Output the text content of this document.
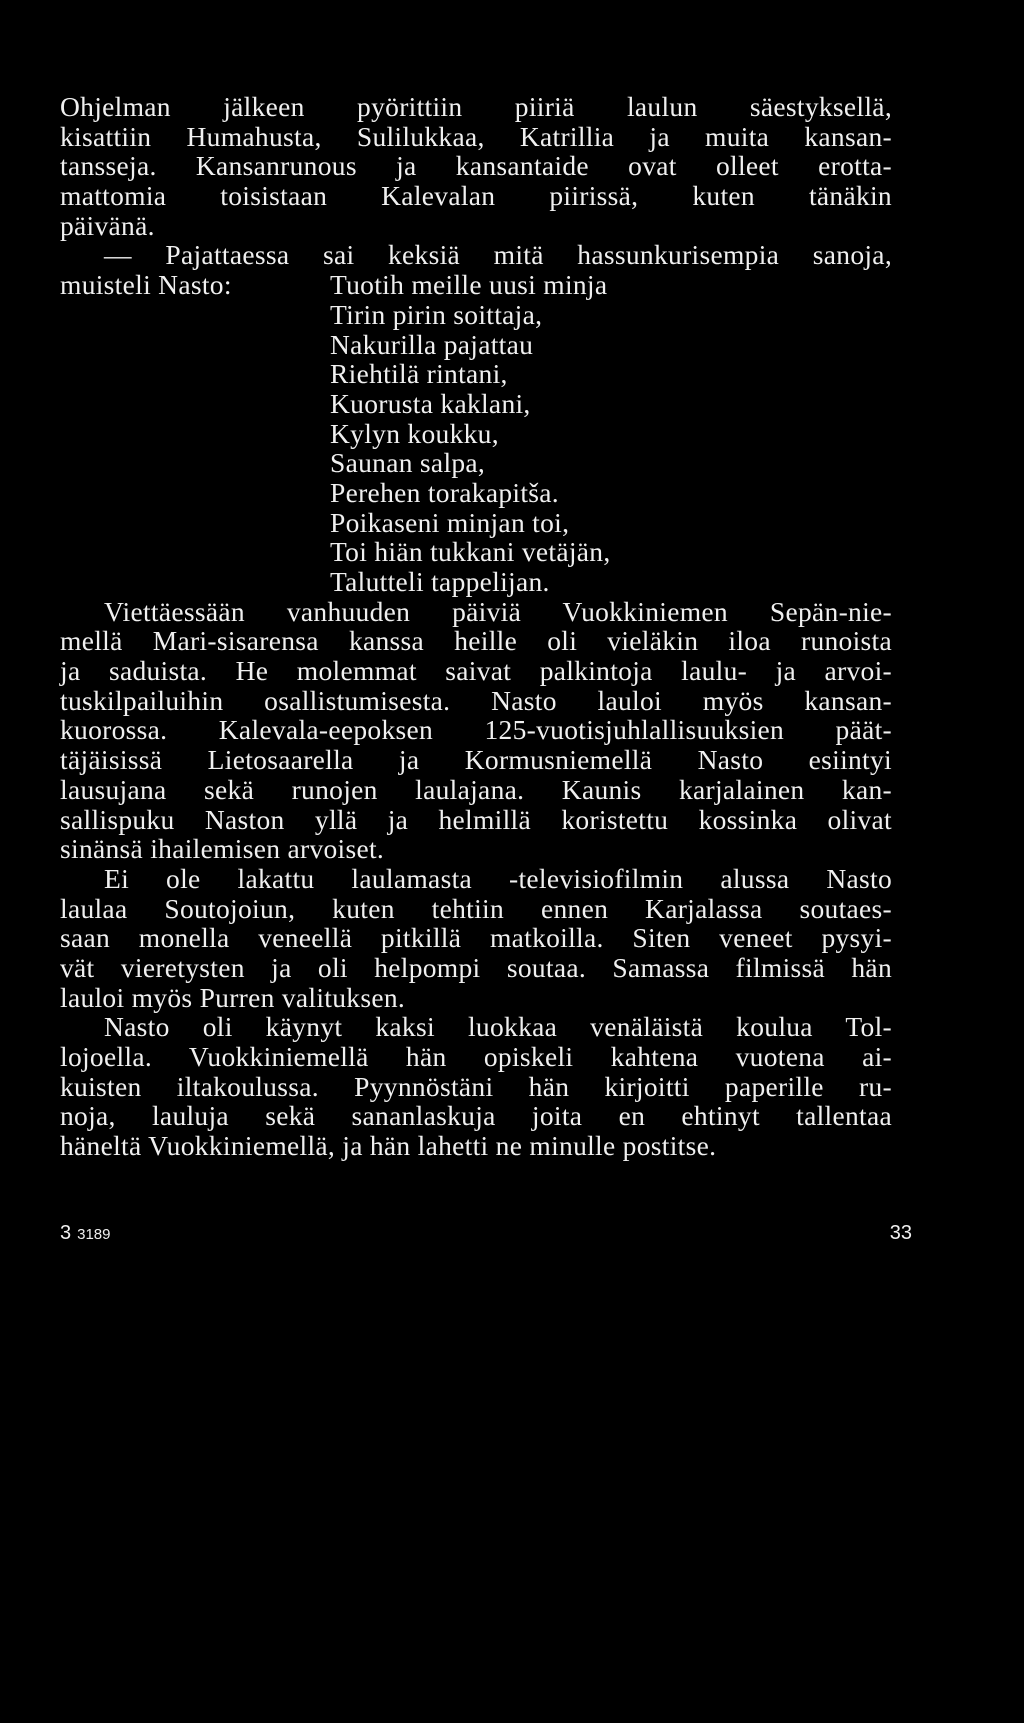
Ohjelman jälkeen pyörittiin piiriä laulun säestyksellä,
kisattiin Humahusta, Sulilukkaa, Katrillia ja muita kansan-
tansseja. Kansanrunous ja kansantaide ovat olleet erotta-
mattomia toisistaan Kalevalan piirissä, kuten tänäkin
päivänä.
— Pajattaessa sai keksiä mitä hassunkurisempia sanoja,
muisteli Nasto:	Tuotih meille uusi minja
Tirin pirin soittaja,
Nakurilla pajattau
Riehtilä rintani,
Kuorusta kaklani,
Kylyn koukku,
Saunan salpa,
Perehen torakapitša.
Poikaseni minjan toi,
Toi hiän tukkani vetäjän,
Talutteli tappelijan.
Viettäessään vanhuuden päiviä Vuokkiniemen Sepän-nie-
mellä Mari-sisarensa kanssa heille oli vieläkin iloa runoista
ja saduista. He molemmat saivat palkintoja laulu- ja arvoi-
tuskilpailuihin osallistumisesta. Nasto lauloi myös kansan-
kuorossa. Kalevala-eepoksen 125-vuotisjuhlallisuuksien päät-
täjäisissä Lietosaarella ja Kormusniemellä Nasto esiintyi
lausujana sekä runojen laulajana. Kaunis karjalainen kan-
sallispuku Naston yllä ja helmillä koristettu kossinka olivat
sinänsä ihailemisen arvoiset.
Ei ole lakattu laulamasta -televisiofilmin alussa Nasto
laulaa Soutojoiun, kuten tehtiin ennen Karjalassa soutaes-
saan monella veneellä pitkillä matkoilla. Siten veneet pysyi-
vät vieretysten ja oli helpompi soutaa. Samassa filmissä hän
lauloi myös Purren valituksen.
Nasto oli käynyt kaksi luokkaa venäläistä koulua Tol-
lojoella. Vuokkiniemellä hän opiskeli kahtena vuotena ai-
kuisten iltakoulussa. Pyynnöstäni hän kirjoitti paperille ru-
noja, lauluja sekä sananlaskuja joita en ehtinyt tallentaa
häneltä Vuokkiniemellä, ja hän lahetti ne minulle postitse.
3 3189	33
